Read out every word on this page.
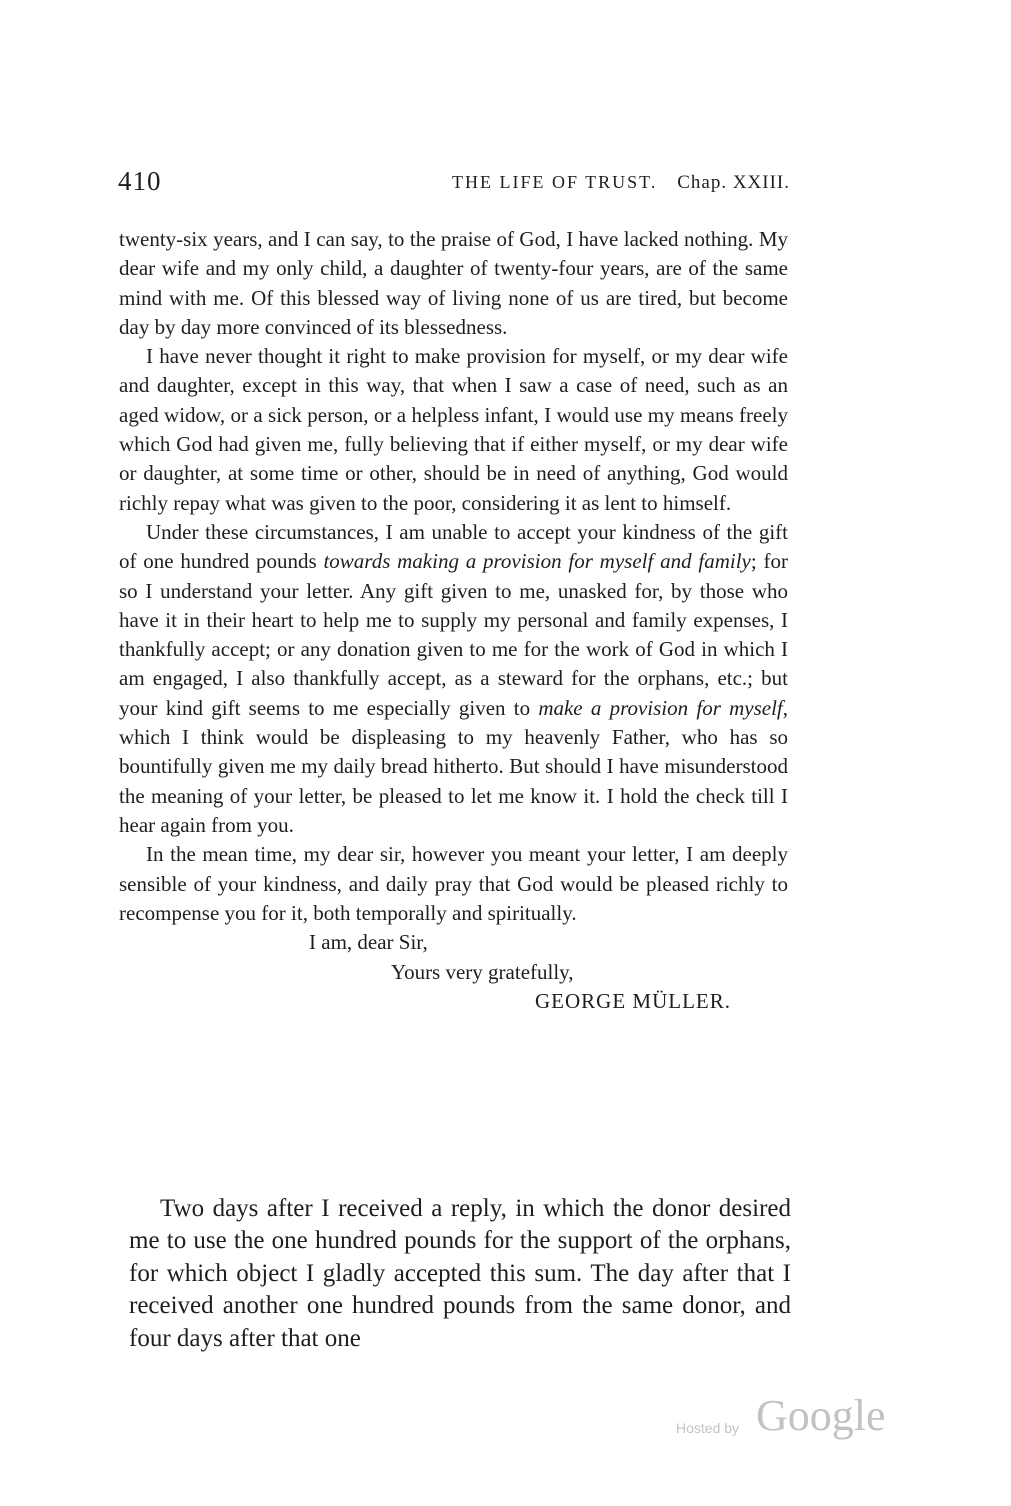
410	THE LIFE OF TRUST. Chap. XXIII.

twenty-six years, and I can say, to the praise of God, I have lacked nothing. My dear wife and my only child, a daughter of twenty-four years, are of the same mind with me. Of this blessed way of living none of us are tired, but become day by day more convinced of its blessedness.

I have never thought it right to make provision for myself, or my dear wife and daughter, except in this way, that when I saw a case of need, such as an aged widow, or a sick person, or a helpless infant, I would use my means freely which God had given me, fully believing that if either myself, or my dear wife or daughter, at some time or other, should be in need of anything, God would richly repay what was given to the poor, considering it as lent to himself.

Under these circumstances, I am unable to accept your kindness of the gift of one hundred pounds towards making a provision for myself and family; for so I understand your letter. Any gift given to me, unasked for, by those who have it in their heart to help me to supply my personal and family expenses, I thankfully accept; or any donation given to me for the work of God in which I am engaged, I also thankfully accept, as a steward for the orphans, etc.; but your kind gift seems to me especially given to make a provision for myself, which I think would be displeasing to my heavenly Father, who has so bountifully given me my daily bread hitherto. But should I have misunderstood the meaning of your letter, be pleased to let me know it. I hold the check till I hear again from you.

In the mean time, my dear sir, however you meant your letter, I am deeply sensible of your kindness, and daily pray that God would be pleased richly to recompense you for it, both temporally and spiritually.

I am, dear Sir,
Yours very gratefully,
GEORGE MÜLLER.

Two days after I received a reply, in which the donor desired me to use the one hundred pounds for the support of the orphans, for which object I gladly accepted this sum. The day after that I received another one hundred pounds from the same donor, and four days after that one

Hosted by Google
